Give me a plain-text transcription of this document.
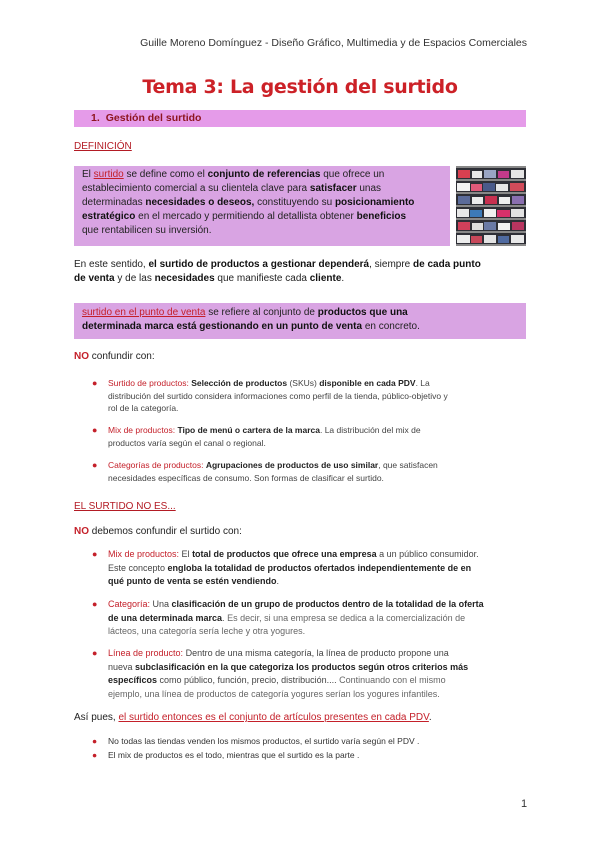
Guille Moreno Domínguez - Diseño Gráfico, Multimedia y de Espacios Comerciales
Tema 3: La gestión del surtido
1. Gestión del surtido
DEFINICIÓN
El surtido se define como el conjunto de referencias que ofrece un
establecimiento comercial a su clientela clave para satisfacer unas
determinadas necesidades o deseos, constituyendo su posicionamiento
estratégico en el mercado y permitiendo al detallista obtener beneficios
que rentabilicen su inversión.
En este sentido, el surtido de productos a gestionar dependerá, siempre de cada punto
de venta y de las necesidades que manifieste cada cliente.
surtido en el punto de venta se refiere al conjunto de productos que una
determinada marca está gestionando en un punto de venta en concreto.
NO confundir con:
● Surtido de productos: Selección de productos (SKUs) disponible en cada PDV. La
distribución del surtido considera informaciones como perfil de la tienda, público-objetivo y
rol de la categoría.
● Mix de productos: Tipo de menú o cartera de la marca. La distribución del mix de
productos varía según el canal o regional.
● Categorías de productos: Agrupaciones de productos de uso similar, que satisfacen
necesidades específicas de consumo. Son formas de clasificar el surtido.
EL SURTIDO NO ES...
NO debemos confundir el surtido con:
● Mix de productos: El total de productos que ofrece una empresa a un público consumidor.
Este concepto engloba la totalidad de productos ofertados independientemente de en
qué punto de venta se estén vendiendo.
● Categoría: Una clasificación de un grupo de productos dentro de la totalidad de la oferta
de una determinada marca. Es decir, si una empresa se dedica a la comercialización de
lácteos, una categoría sería leche y otra yogures.
● Línea de producto: Dentro de una misma categoría, la línea de producto propone una
nueva subclasificación en la que categoriza los productos según otros criterios más
específicos como público, función, precio, distribución.... Continuando con el mismo
ejemplo, una línea de productos de categoría yogures serían los yogures infantiles.
Así pues, el surtido entonces es el conjunto de artículos presentes en cada PDV.
● No todas las tiendas venden los mismos productos, el surtido varía según el PDV .
● El mix de productos es el todo, mientras que el surtido es la parte .
1
